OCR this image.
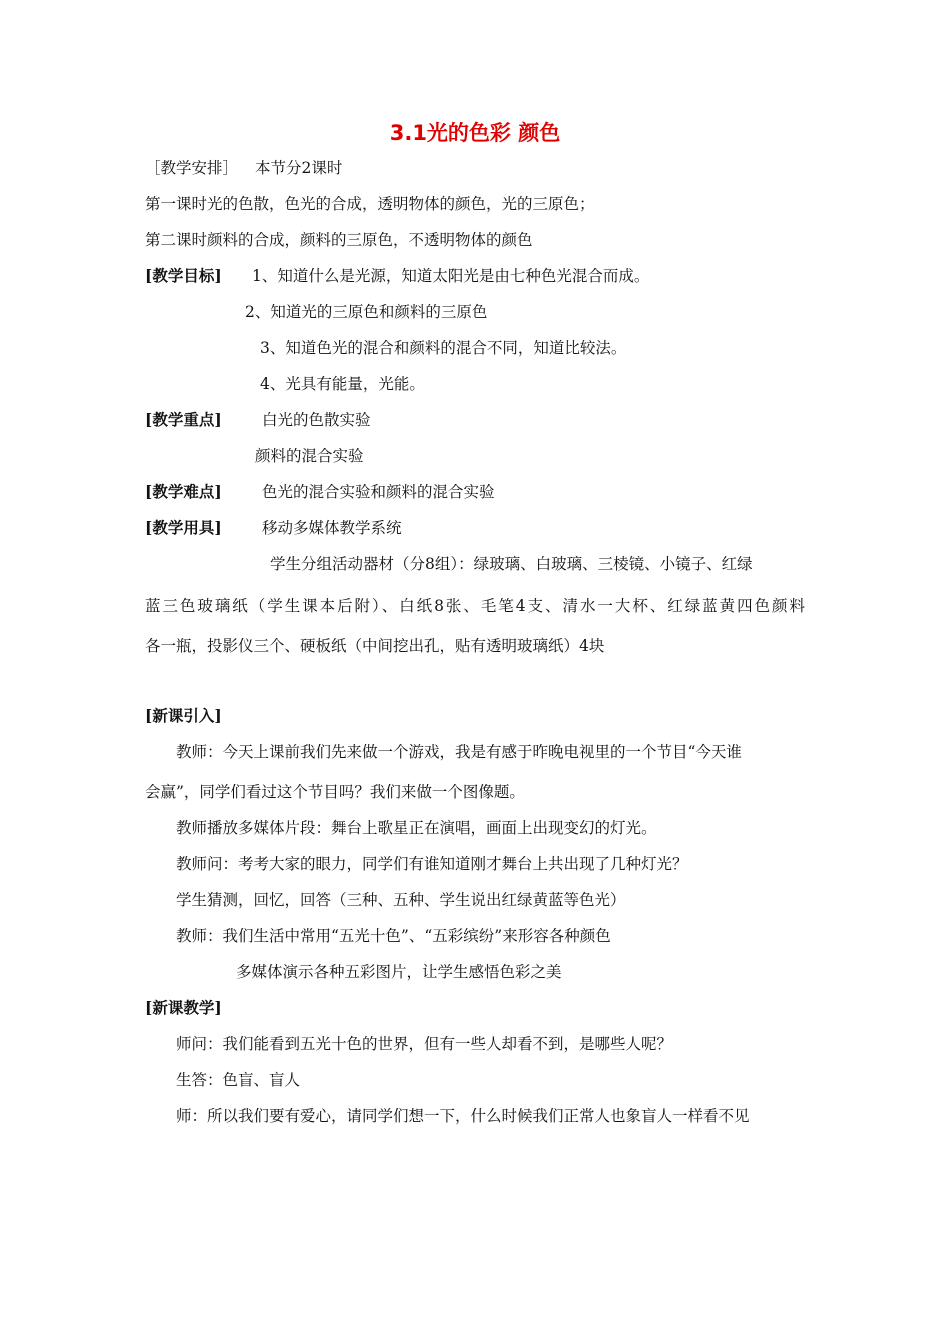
3.1光的色彩 颜色
［教学安排］ 本节分2课时
第一课时光的色散，色光的合成，透明物体的颜色，光的三原色；
第二课时颜料的合成，颜料的三原色，不透明物体的颜色
[教学目标] 1、知道什么是光源，知道太阳光是由七种色光混合而成。
2、知道光的三原色和颜料的三原色
3、知道色光的混合和颜料的混合不同，知道比较法。
4、光具有能量，光能。
[教学重点]	白光的色散实验
颜料的混合实验
[教学难点]	色光的混合实验和颜料的混合实验
[教学用具]	移动多媒体教学系统
学生分组活动器材（分8组）：绿玻璃、白玻璃、三棱镜、小镜子、红绿
蓝三色玻璃纸（学生课本后附）、白纸8张、毛笔4支、清水一大杯、红绿蓝黄四色颜料
各一瓶，投影仪三个、硬板纸（中间挖出孔，贴有透明玻璃纸）4块
[新课引入]
教师：今天上课前我们先来做一个游戏，我是有感于昨晚电视里的一个节目“今天谁
会赢”，同学们看过这个节目吗？我们来做一个图像题。
教师播放多媒体片段：舞台上歌星正在演唱，画面上出现变幻的灯光。
教师问：考考大家的眼力，同学们有谁知道刚才舞台上共出现了几种灯光？
学生猜测，回忆，回答（三种、五种、学生说出红绿黄蓝等色光）
教师：我们生活中常用“五光十色”、“五彩缤纷”来形容各种颜色
多媒体演示各种五彩图片，让学生感悟色彩之美
[新课教学]
师问：我们能看到五光十色的世界，但有一些人却看不到，是哪些人呢？
生答：色盲、盲人
师：所以我们要有爱心，请同学们想一下，什么时候我们正常人也象盲人一样看不见
